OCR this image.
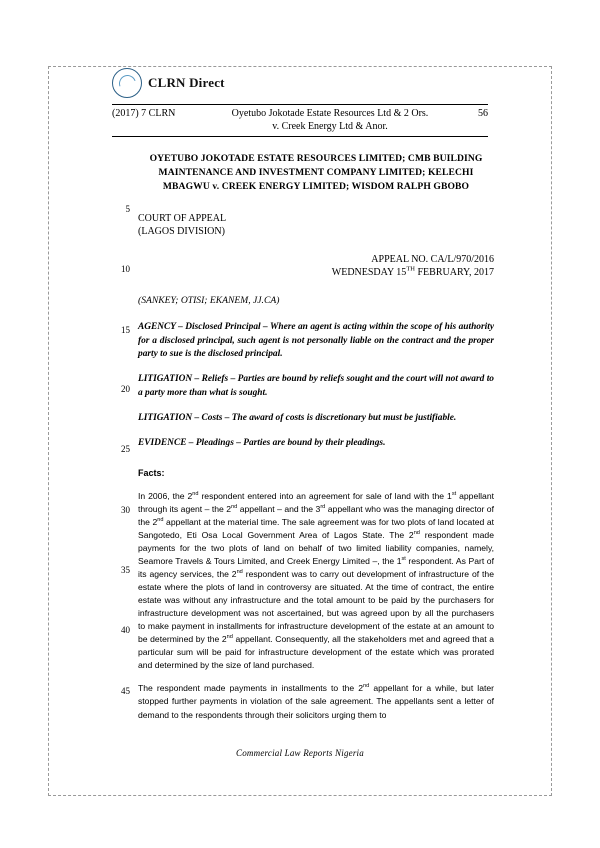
CLRN Direct
(2017) 7 CLRN	Oyetubo Jokotade Estate Resources Ltd & 2 Ors.
v. Creek Energy Ltd & Anor.
56
5
10
15
20
25
30
35
40
45
OYETUBO JOKOTADE ESTATE RESOURCES LIMITED; CMB BUILDING MAINTENANCE AND INVESTMENT COMPANY LIMITED; KELECHI MBAGWU v. CREEK ENERGY LIMITED; WISDOM RALPH GBOBO
COURT OF APPEAL
(LAGOS DIVISION)
APPEAL NO. CA/L/970/2016
WEDNESDAY 15TH FEBRUARY, 2017
(SANKEY; OTISI; EKANEM, JJ.CA)
AGENCY – Disclosed Principal – Where an agent is acting within the scope of his authority for a disclosed principal, such agent is not personally liable on the contract and the proper party to sue is the disclosed principal.
LITIGATION – Reliefs – Parties are bound by reliefs sought and the court will not award to a party more than what is sought.
LITIGATION – Costs – The award of costs is discretionary but must be justifiable.
EVIDENCE – Pleadings – Parties are bound by their pleadings.
Facts:
In 2006, the 2nd respondent entered into an agreement for sale of land with the 1st appellant through its agent – the 2nd appellant – and the 3rd appellant who was the managing director of the 2nd appellant at the material time. The sale agreement was for two plots of land located at Sangotedo, Eti Osa Local Government Area of Lagos State. The 2nd respondent made payments for the two plots of land on behalf of two limited liability companies, namely, Seamore Travels & Tours Limited, and Creek Energy Limited –, the 1st respondent. As Part of its agency services, the 2nd respondent was to carry out development of infrastructure of the estate where the plots of land in controversy are situated. At the time of contract, the entire estate was without any infrastructure and the total amount to be paid by the purchasers for infrastructure development was not ascertained, but was agreed upon by all the purchasers to make payment in installments for infrastructure development of the estate at an amount to be determined by the 2nd appellant. Consequently, all the stakeholders met and agreed that a particular sum will be paid for infrastructure development of the estate which was prorated and determined by the size of land purchased.
The respondent made payments in installments to the 2nd appellant for a while, but later stopped further payments in violation of the sale agreement. The appellants sent a letter of demand to the respondents through their solicitors urging them to
Commercial Law Reports Nigeria
